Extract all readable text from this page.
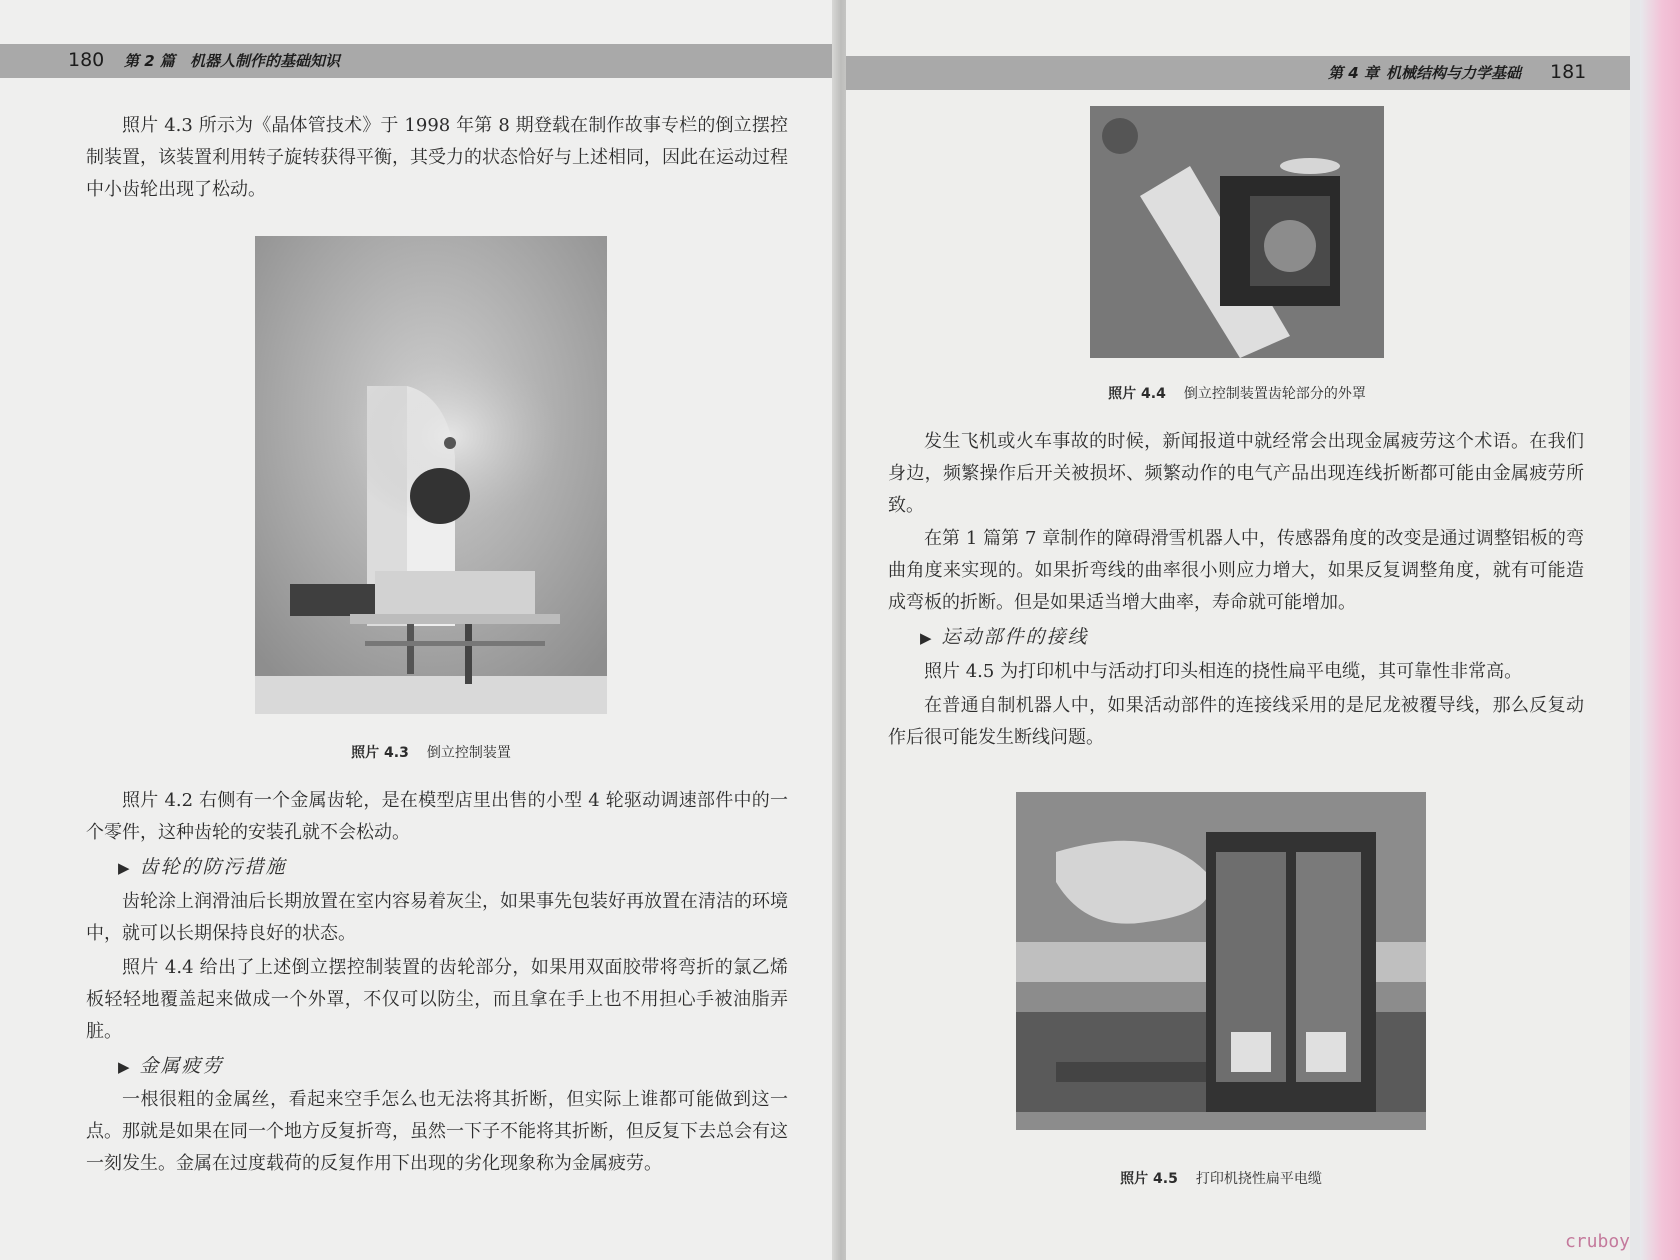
180 第 2 篇 机器人制作的基础知识

照片 4.3 所示为《晶体管技术》于 1998 年第 8 期登载在制作故事专栏的倒立摆控制装置，该装置利用转子旋转获得平衡，其受力的状态恰好与上述相同，因此在运动过程中小齿轮出现了松动。

照片 4.3 倒立控制装置

照片 4.2 右侧有一个金属齿轮，是在模型店里出售的小型 4 轮驱动调速部件中的一个零件，这种齿轮的安装孔就不会松动。

▶ 齿轮的防污措施

齿轮涂上润滑油后长期放置在室内容易着灰尘，如果事先包装好再放置在清洁的环境中，就可以长期保持良好的状态。

照片 4.4 给出了上述倒立摆控制装置的齿轮部分，如果用双面胶带将弯折的氯乙烯板轻轻地覆盖起来做成一个外罩，不仅可以防尘，而且拿在手上也不用担心手被油脂弄脏。

▶ 金属疲劳

一根很粗的金属丝，看起来空手怎么也无法将其折断，但实际上谁都可能做到这一点。那就是如果在同一个地方反复折弯，虽然一下子不能将其折断，但反复下去总会有这一刻发生。金属在过度载荷的反复作用下出现的劣化现象称为金属疲劳。

第 4 章 机械结构与力学基础 181

照片 4.4 倒立控制装置齿轮部分的外罩

发生飞机或火车事故的时候，新闻报道中就经常会出现金属疲劳这个术语。在我们身边，频繁操作后开关被损坏、频繁动作的电气产品出现连线折断都可能由金属疲劳所致。

在第 1 篇第 7 章制作的障碍滑雪机器人中，传感器角度的改变是通过调整铝板的弯曲角度来实现的。如果折弯线的曲率很小则应力增大，如果反复调整角度，就有可能造成弯板的折断。但是如果适当增大曲率，寿命就可能增加。

▶ 运动部件的接线

照片 4.5 为打印机中与活动打印头相连的挠性扁平电缆，其可靠性非常高。

在普通自制机器人中，如果活动部件的连接线采用的是尼龙被覆导线，那么反复动作后很可能发生断线问题。

照片 4.5 打印机挠性扁平电缆

cruboy
